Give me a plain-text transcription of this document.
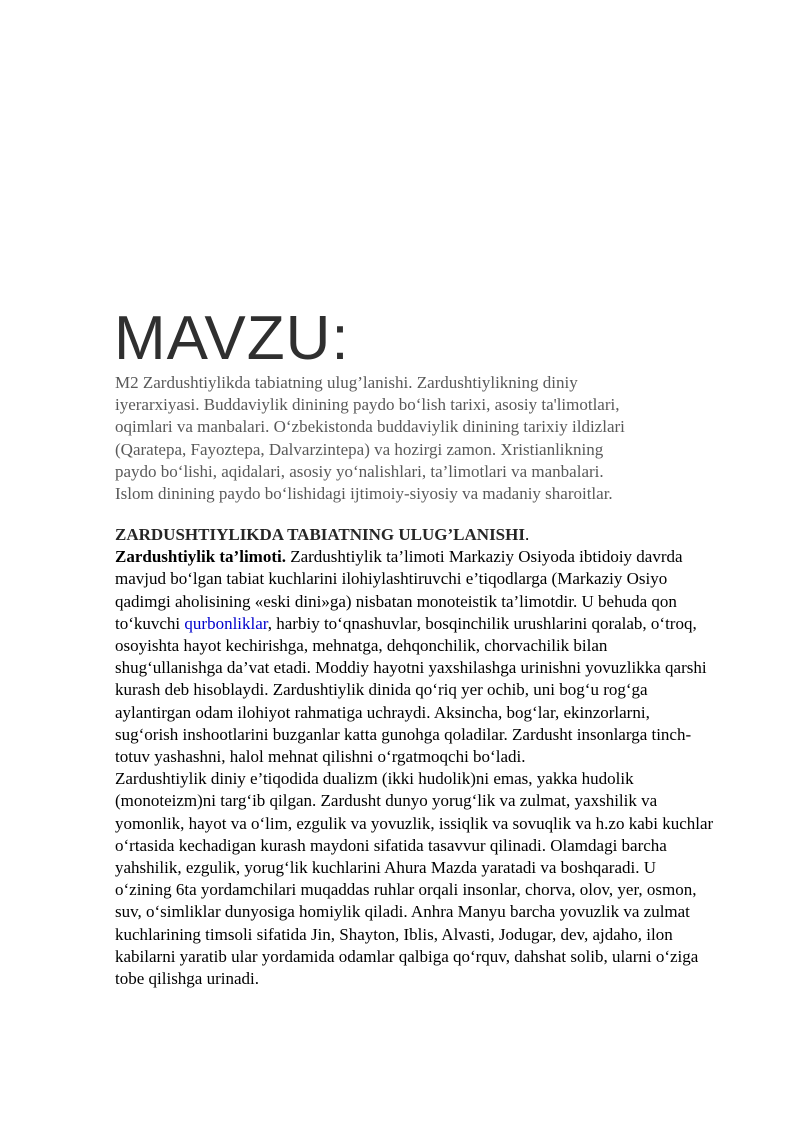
MAVZU:

M2 Zardushtiylikda tabiatning ulug’lanishi. Zardushtiylikning diniy iyerarxiyasi. Buddaviylik dinining paydo bo‘lish tarixi, asosiy ta'limotlari, oqimlari va manbalari. O‘zbekistonda buddaviylik dinining tarixiy ildizlari (Qaratepa, Fayoztepa, Dalvarzintepa) va hozirgi zamon. Xristianlikning paydo bo‘lishi, aqidalari, asosiy yo‘nalishlari, ta’limotlari va manbalari. Islom dinining paydo bo‘lishidagi ijtimoiy-siyosiy va madaniy sharoitlar.

ZARDUSHTIYLIKDA TABIATNING ULUG’LANISHI.

Zardushtiylik ta’limoti. Zardushtiylik ta’limoti Markaziy Osiyoda ibtidoiy davrda mavjud bo‘lgan tabiat kuchlarini ilohiylashtiruvchi e’tiqodlarga (Markaziy Osiyo qadimgi aholisining «eski dini»ga) nisbatan monoteistik ta’limotdir. U behuda qon to‘kuvchi qurbonliklar, harbiy to‘qnashuvlar, bosqinchilik urushlarini qoralab, o‘troq, osoyishta hayot kechirishga, mehnatga, dehqonchilik, chorvachilik bilan shug‘ullanishga da’vat etadi. Moddiy hayotni yaxshilashga urinishni yovuzlikka qarshi kurash deb hisoblaydi. Zardushtiylik dinida qo‘riq yer ochib, uni bog‘u rog‘ga aylantirgan odam ilohiyot rahmatiga uchraydi. Aksincha, bog‘lar, ekinzorlarni, sug‘orish inshootlarini buzganlar katta gunohga qoladilar. Zardusht insonlarga tinch-totuv yashashni, halol mehnat qilishni o‘rgatmoqchi bo‘ladi.

Zardushtiylik diniy e’tiqodida dualizm (ikki hudolik)ni emas, yakka hudolik (monoteizm)ni targ‘ib qilgan. Zardusht dunyo yorug‘lik va zulmat, yaxshilik va yomonlik, hayot va o‘lim, ezgulik va yovuzlik, issiqlik va sovuqlik va h.zo kabi kuchlar o‘rtasida kechadigan kurash maydoni sifatida tasavvur qilinadi. Olamdagi barcha yahshilik, ezgulik, yorug‘lik kuchlarini Ahura Mazda yaratadi va boshqaradi. U o‘zining 6ta yordamchilari muqaddas ruhlar orqali insonlar, chorva, olov, yer, osmon, suv, o‘simliklar dunyosiga homiylik qiladi. Anhra Manyu barcha yovuzlik va zulmat kuchlarining timsoli sifatida Jin, Shayton, Iblis, Alvasti, Jodugar, dev, ajdaho, ilon kabilarni yaratib ular yordamida odamlar qalbiga qo‘rquv, dahshat solib, ularni o‘ziga tobe qilishga urinadi.
